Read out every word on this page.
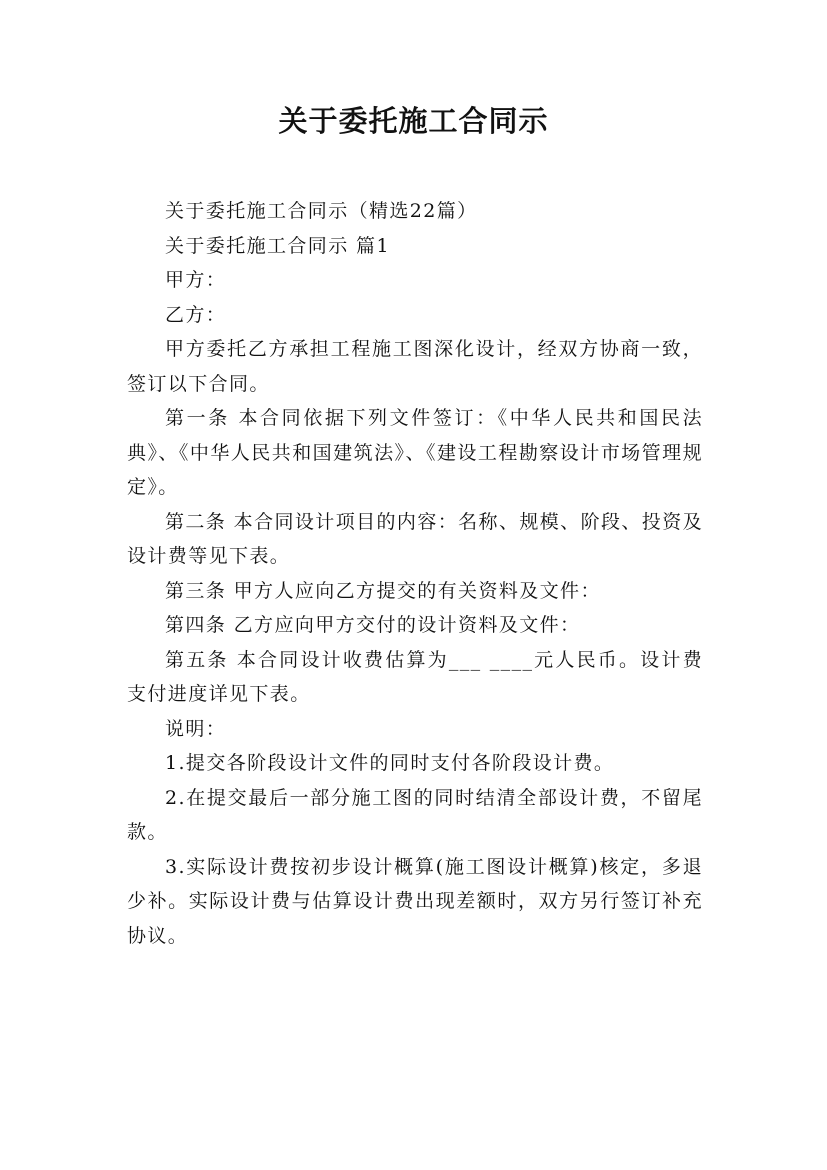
关于委托施工合同示

关于委托施工合同示（精选22篇）

关于委托施工合同示 篇1

甲方：

乙方：

甲方委托乙方承担工程施工图深化设计，经双方协商一致，签订以下合同。

第一条 本合同依据下列文件签订：《中华人民共和国民法典》、《中华人民共和国建筑法》、《建设工程勘察设计市场管理规定》。

第二条 本合同设计项目的内容：名称、规模、阶段、投资及设计费等见下表。

第三条 甲方人应向乙方提交的有关资料及文件：

第四条 乙方应向甲方交付的设计资料及文件：

第五条 本合同设计收费估算为___ ____元人民币。设计费支付进度详见下表。

说明：

1.提交各阶段设计文件的同时支付各阶段设计费。

2.在提交最后一部分施工图的同时结清全部设计费，不留尾款。

3.实际设计费按初步设计概算(施工图设计概算)核定，多退少补。实际设计费与估算设计费出现差额时，双方另行签订补充协议。
